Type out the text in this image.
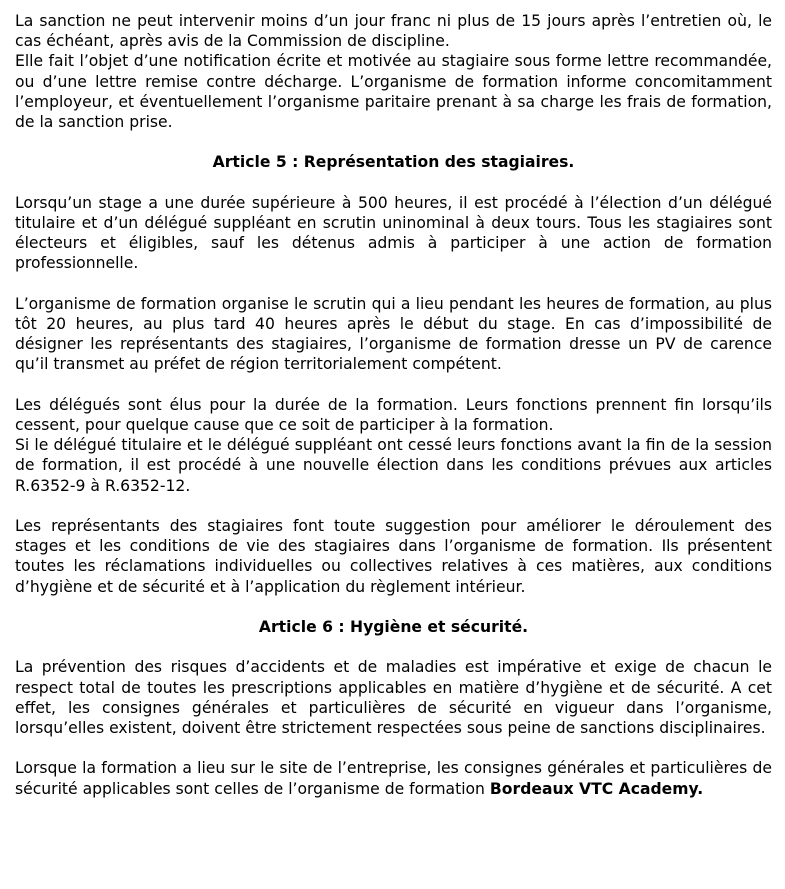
La sanction ne peut intervenir moins d’un jour franc ni plus de 15 jours après l’entretien où, le cas échéant, après avis de la Commission de discipline.

Elle fait l’objet d’une notification écrite et motivée au stagiaire sous forme lettre recommandée, ou d’une lettre remise contre décharge. L’organisme de formation informe concomitamment l’employeur, et éventuellement l’organisme paritaire prenant à sa charge les frais de formation, de la sanction prise.

Article 5 : Représentation des stagiaires.

Lorsqu’un stage a une durée supérieure à 500 heures, il est procédé à l’élection d’un délégué titulaire et d’un délégué suppléant en scrutin uninominal à deux tours. Tous les stagiaires sont électeurs et éligibles, sauf les détenus admis à participer à une action de formation professionnelle.

L’organisme de formation organise le scrutin qui a lieu pendant les heures de formation, au plus tôt 20 heures, au plus tard 40 heures après le début du stage. En cas d’impossibilité de désigner les représentants des stagiaires, l’organisme de formation dresse un PV de carence qu’il transmet au préfet de région territorialement compétent.

Les délégués sont élus pour la durée de la formation. Leurs fonctions prennent fin lorsqu’ils cessent, pour quelque cause que ce soit de participer à la formation.

Si le délégué titulaire et le délégué suppléant ont cessé leurs fonctions avant la fin de la session de formation, il est procédé à une nouvelle élection dans les conditions prévues aux articles R.6352-9 à R.6352-12.

Les représentants des stagiaires font toute suggestion pour améliorer le déroulement des stages et les conditions de vie des stagiaires dans l’organisme de formation. Ils présentent toutes les réclamations individuelles ou collectives relatives à ces matières, aux conditions d’hygiène et de sécurité et à l’application du règlement intérieur.

Article 6 : Hygiène et sécurité.

La prévention des risques d’accidents et de maladies est impérative et exige de chacun le respect total de toutes les prescriptions applicables en matière d’hygiène et de sécurité. A cet effet, les consignes générales et particulières de sécurité en vigueur dans l’organisme, lorsqu’elles existent, doivent être strictement respectées sous peine de sanctions disciplinaires.

Lorsque la formation a lieu sur le site de l’entreprise, les consignes générales et particulières de sécurité applicables sont celles de l’organisme de formation Bordeaux VTC Academy.
